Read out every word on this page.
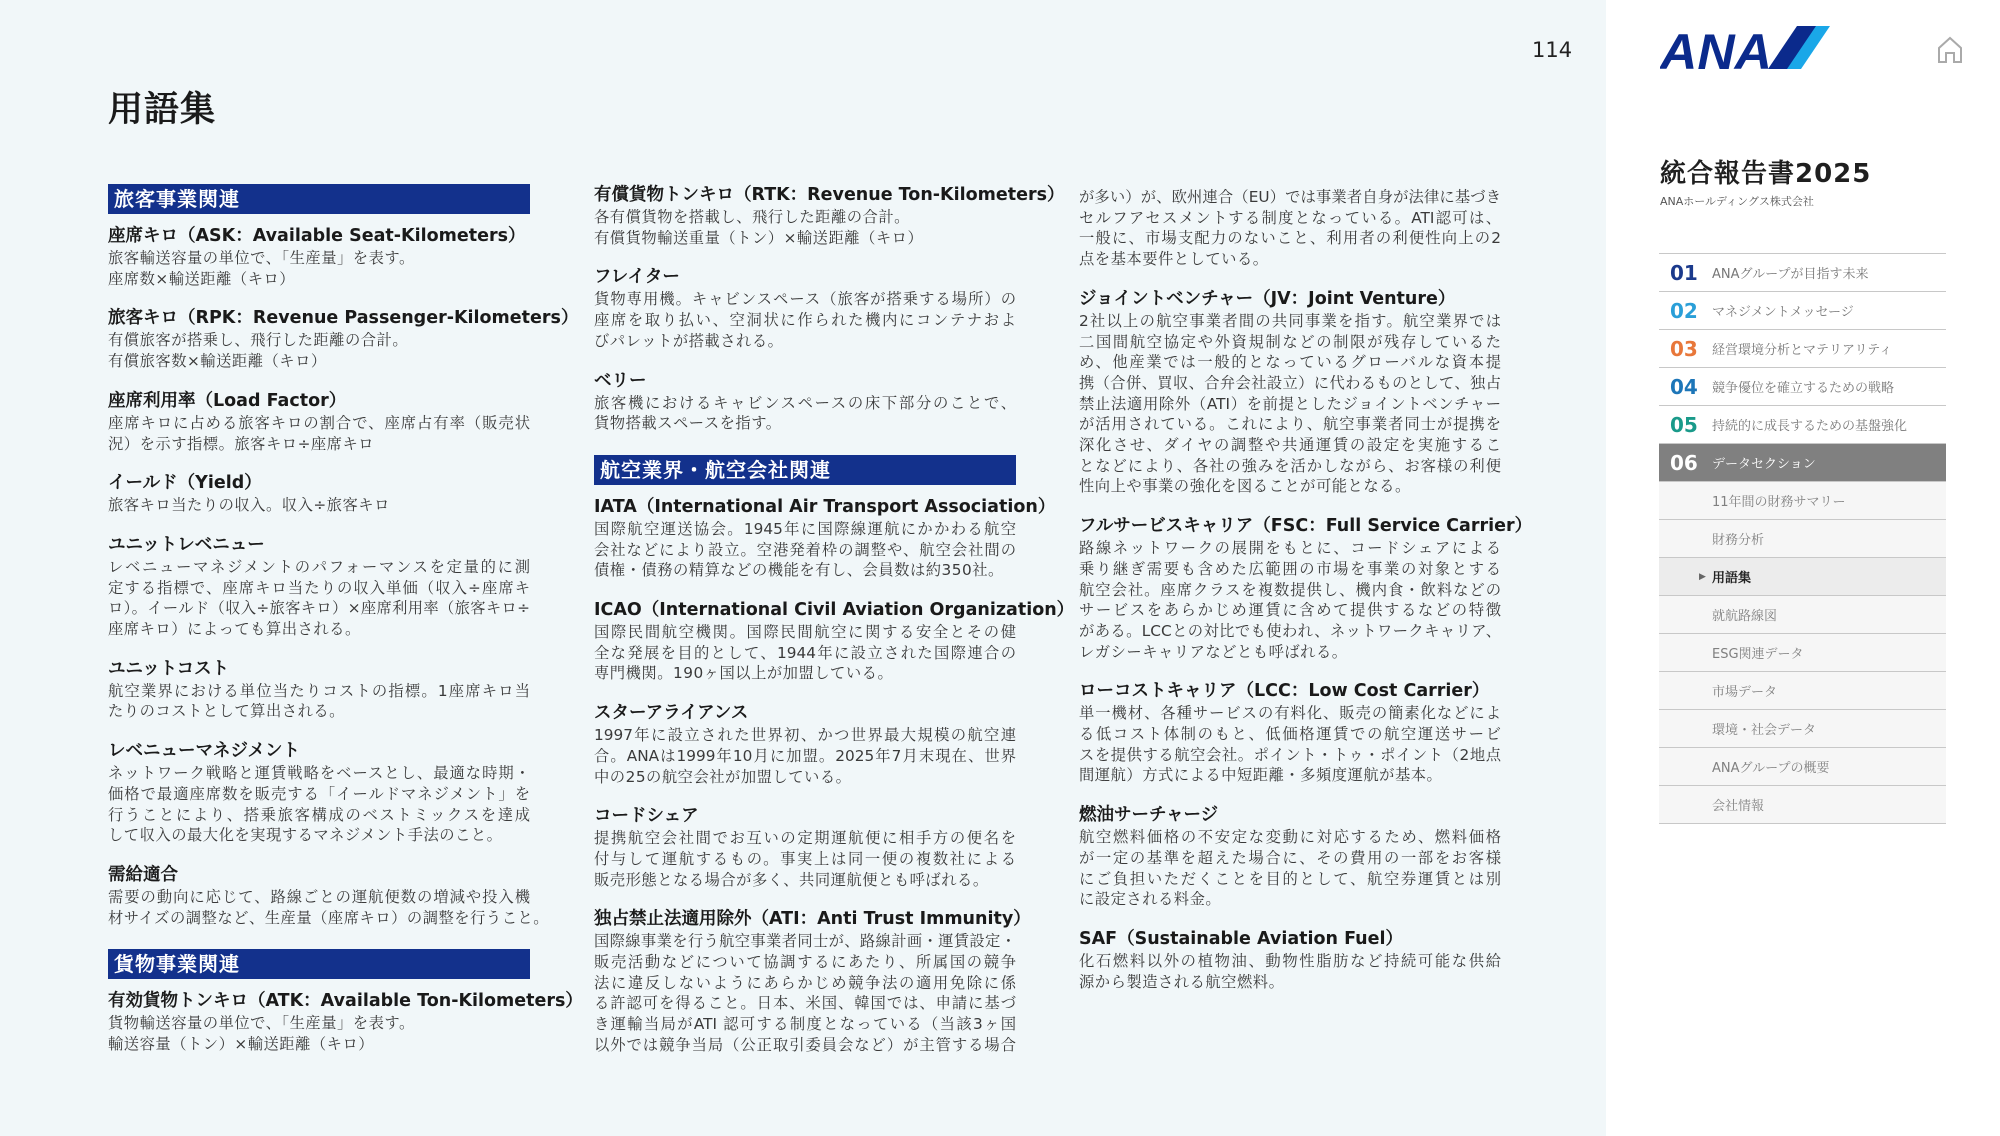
用語集
114
旅客事業関連
座席キロ（ASK：Available Seat-Kilometers）
旅客輸送容量の単位で、「生産量」を表す。
座席数×輸送距離（キロ）
旅客キロ（RPK：Revenue Passenger-Kilometers）
有償旅客が搭乗し、飛行した距離の合計。
有償旅客数×輸送距離（キロ）
座席利用率（Load Factor）
座席キロに占める旅客キロの割合で、座席占有率（販売状
況）を示す指標。旅客キロ÷座席キロ
イールド（Yield）
旅客キロ当たりの収入。収入÷旅客キロ
ユニットレベニュー
レベニューマネジメントのパフォーマンスを定量的に測
定する指標で、座席キロ当たりの収入単価（収入÷座席キ
ロ）。イールド（収入÷旅客キロ）×座席利用率（旅客キロ÷
座席キロ）によっても算出される。
ユニットコスト
航空業界における単位当たりコストの指標。1座席キロ当
たりのコストとして算出される。
レベニューマネジメント
ネットワーク戦略と運賃戦略をベースとし、最適な時期・
価格で最適座席数を販売する「イールドマネジメント」を
行うことにより、搭乗旅客構成のベストミックスを達成
して収入の最大化を実現するマネジメント手法のこと。
需給適合
需要の動向に応じて、路線ごとの運航便数の増減や投入機
材サイズの調整など、生産量（座席キロ）の調整を行うこと。
貨物事業関連
有効貨物トンキロ（ATK：Available Ton-Kilometers）
貨物輸送容量の単位で、「生産量」を表す。
輸送容量（トン）×輸送距離（キロ）
有償貨物トンキロ（RTK：Revenue Ton-Kilometers）
各有償貨物を搭載し、飛行した距離の合計。
有償貨物輸送重量（トン）×輸送距離（キロ）
フレイター
貨物専用機。キャビンスペース（旅客が搭乗する場所）の
座席を取り払い、空洞状に作られた機内にコンテナおよ
びパレットが搭載される。
ベリー
旅客機におけるキャビンスペースの床下部分のことで、
貨物搭載スペースを指す。
航空業界・航空会社関連
IATA（International Air Transport Association）
国際航空運送協会。1945年に国際線運航にかかわる航空
会社などにより設立。空港発着枠の調整や、航空会社間の
債権・債務の精算などの機能を有し、会員数は約350社。
ICAO（International Civil Aviation Organization）
国際民間航空機関。国際民間航空に関する安全とその健
全な発展を目的として、1944年に設立された国際連合の
専門機関。190ヶ国以上が加盟している。
スターアライアンス
1997年に設立された世界初、かつ世界最大規模の航空連
合。ANAは1999年10月に加盟。2025年7月末現在、世界
中の25の航空会社が加盟している。
コードシェア
提携航空会社間でお互いの定期運航便に相手方の便名を
付与して運航するもの。事実上は同一便の複数社による
販売形態となる場合が多く、共同運航便とも呼ばれる。
独占禁止法適用除外（ATI：Anti Trust Immunity）
国際線事業を行う航空事業者同士が、路線計画・運賃設定・
販売活動などについて協調するにあたり、所属国の競争
法に違反しないようにあらかじめ競争法の適用免除に係
る許認可を得ること。日本、米国、韓国では、申請に基づ
き運輸当局がATI 認可する制度となっている（当該3ヶ国
以外では競争当局（公正取引委員会など）が主管する場合
が多い）が、欧州連合（EU）では事業者自身が法律に基づき
セルフアセスメントする制度となっている。ATI認可は、
一般に、市場支配力のないこと、利用者の利便性向上の2
点を基本要件としている。
ジョイントベンチャー（JV：Joint Venture）
2社以上の航空事業者間の共同事業を指す。航空業界では
二国間航空協定や外資規制などの制限が残存しているた
め、他産業では一般的となっているグローバルな資本提
携（合併、買収、合弁会社設立）に代わるものとして、独占
禁止法適用除外（ATI）を前提としたジョイントベンチャー
が活用されている。これにより、航空事業者同士が提携を
深化させ、ダイヤの調整や共通運賃の設定を実施するこ
となどにより、各社の強みを活かしながら、お客様の利便
性向上や事業の強化を図ることが可能となる。
フルサービスキャリア（FSC：Full Service Carrier）
路線ネットワークの展開をもとに、コードシェアによる
乗り継ぎ需要も含めた広範囲の市場を事業の対象とする
航空会社。座席クラスを複数提供し、機内食・飲料などの
サービスをあらかじめ運賃に含めて提供するなどの特徴
がある。LCCとの対比でも使われ、ネットワークキャリア、
レガシーキャリアなどとも呼ばれる。
ローコストキャリア（LCC：Low Cost Carrier）
単一機材、各種サービスの有料化、販売の簡素化などによ
る低コスト体制のもと、低価格運賃での航空運送サービ
スを提供する航空会社。ポイント・トゥ・ポイント（2地点
間運航）方式による中短距離・多頻度運航が基本。
燃油サーチャージ
航空燃料価格の不安定な変動に対応するため、燃料価格
が一定の基準を超えた場合に、その費用の一部をお客様
にご負担いただくことを目的として、航空券運賃とは別
に設定される料金。
SAF（Sustainable Aviation Fuel）
化石燃料以外の植物油、動物性脂肪など持続可能な供給
源から製造される航空燃料。
ANA
統合報告書2025
ANAホールディングス株式会社
01	ANAグループが目指す未来
02	マネジメントメッセージ
03	経営環境分析とマテリアリティ
04	競争優位を確立するための戦略
05	持続的に成長するための基盤強化
06	データセクション
11年間の財務サマリー
財務分析
▶ 用語集
就航路線図
ESG関連データ
市場データ
環境・社会データ
ANAグループの概要
会社情報
